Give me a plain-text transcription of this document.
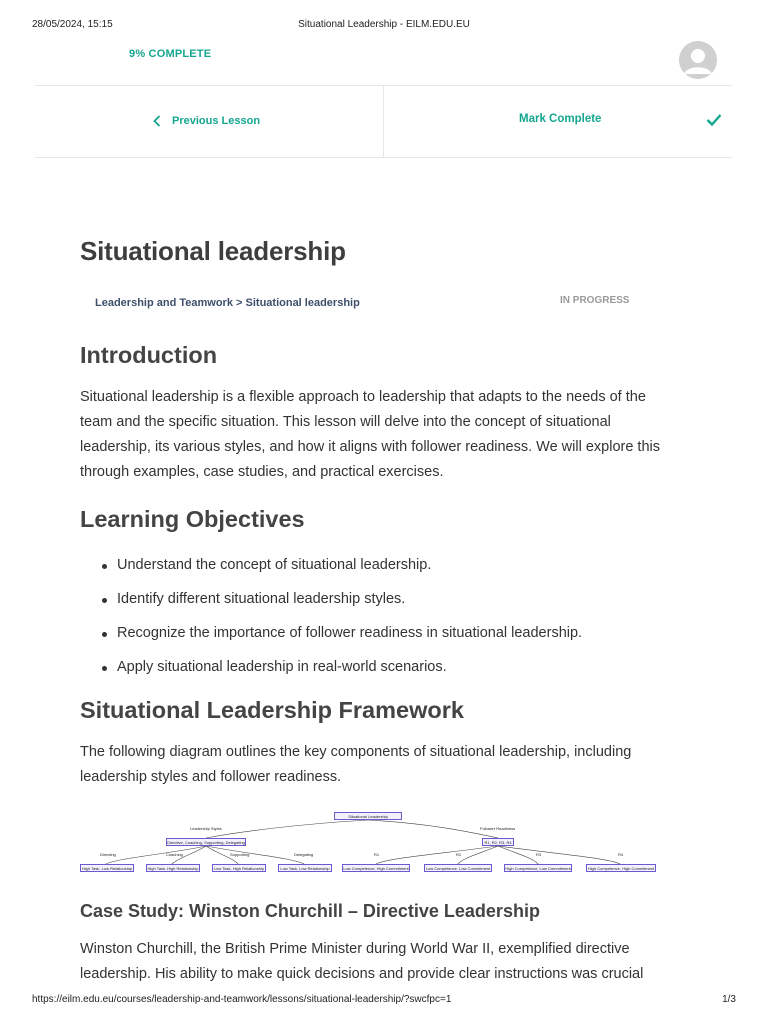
28/05/2024, 15:15	Situational Leadership - EILM.EDU.EU
9% COMPLETE
Previous Lesson	Mark Complete
Situational leadership
Leadership and Teamwork > Situational leadership	IN PROGRESS
Introduction

Situational leadership is a flexible approach to leadership that adapts to the needs of the team and the specific situation. This lesson will delve into the concept of situational leadership, its various styles, and how it aligns with follower readiness. We will explore this through examples, case studies, and practical exercises.

Learning Objectives
Understand the concept of situational leadership.
Identify different situational leadership styles.
Recognize the importance of follower readiness in situational leadership.
Apply situational leadership in real-world scenarios.
Situational Leadership Framework

The following diagram outlines the key components of situational leadership, including leadership styles and follower readiness.

Case Study: Winston Churchill – Directive Leadership

Winston Churchill, the British Prime Minister during World War II, exemplified directive leadership. His ability to make quick decisions and provide clear instructions was crucial

Situational Leadership
Leadership Styles	Follower Readiness
Directive, Coaching, Supporting, Delegating	R1, R2, R3, R4
Directing	Coaching	Supporting	Delegating	R1	R2	R3	R4
High Task, Low Relationship	High Task, High Relationship	Low Task, High Relationship	Low Task, Low Relationship	Low Competence, High Commitment	Low Competence, Low Commitment	High Competence, Low Commitment	High Competence, High Commitment
https://eilm.edu.eu/courses/leadership-and-teamwork/lessons/situational-leadership/?swcfpc=1	1/3
